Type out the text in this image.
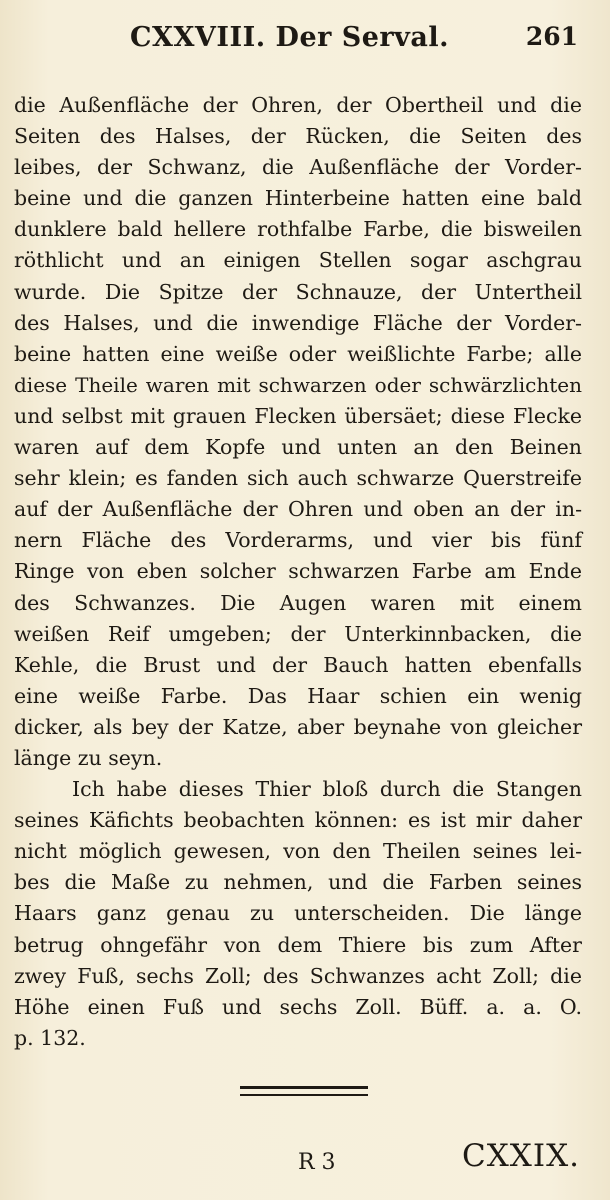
CXXVIII. Der Serval.	261
die Außenfläche der Ohren, der Obertheil und die
Seiten des Halses, der Rücken, die Seiten des
leibes, der Schwanz, die Außenfläche der Vorder-
beine und die ganzen Hinterbeine hatten eine bald
dunklere bald hellere rothfalbe Farbe, die bisweilen
röthlicht und an einigen Stellen sogar aschgrau
wurde. Die Spitze der Schnauze, der Untertheil
des Halses, und die inwendige Fläche der Vorder-
beine hatten eine weiße oder weißlichte Farbe; alle
diese Theile waren mit schwarzen oder schwärzlichten
und selbst mit grauen Flecken übersäet; diese Flecke
waren auf dem Kopfe und unten an den Beinen
sehr klein; es fanden sich auch schwarze Querstreife
auf der Außenfläche der Ohren und oben an der in-
nern Fläche des Vorderarms, und vier bis fünf
Ringe von eben solcher schwarzen Farbe am Ende
des Schwanzes. Die Augen waren mit einem
weißen Reif umgeben; der Unterkinnbacken, die
Kehle, die Brust und der Bauch hatten ebenfalls
eine weiße Farbe. Das Haar schien ein wenig
dicker, als bey der Katze, aber beynahe von gleicher
länge zu seyn.
Ich habe dieses Thier bloß durch die Stangen
seines Käfichts beobachten können: es ist mir daher
nicht möglich gewesen, von den Theilen seines lei-
bes die Maße zu nehmen, und die Farben seines
Haars ganz genau zu unterscheiden. Die länge
betrug ohngefähr von dem Thiere bis zum After
zwey Fuß, sechs Zoll; des Schwanzes acht Zoll; die
Höhe einen Fuß und sechs Zoll. Büff. a. a. O.
p. 132.
R 3	CXXIX.
